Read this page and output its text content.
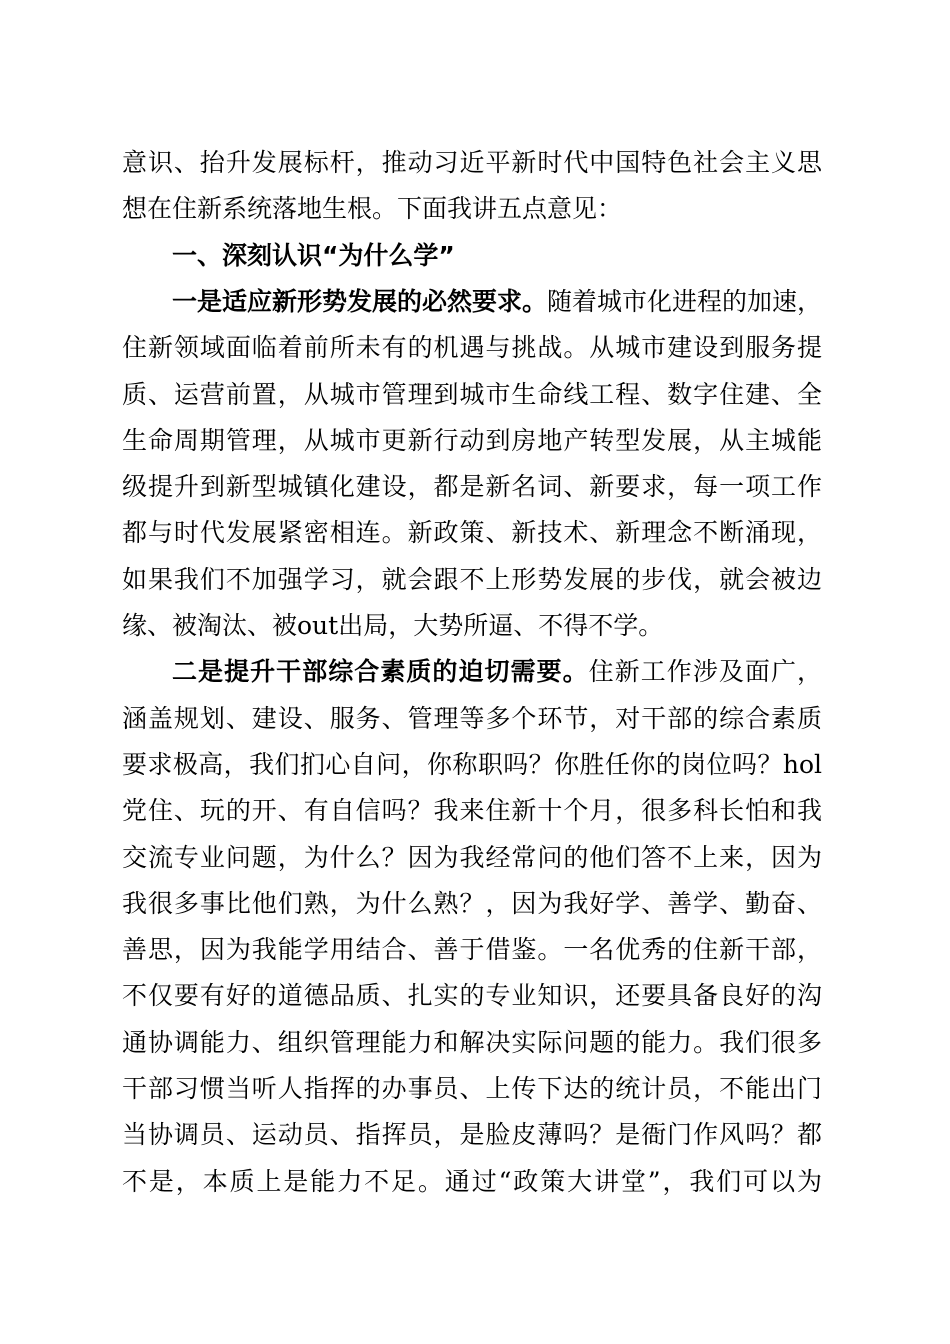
意识、抬升发展标杆，推动习近平新时代中国特色社会主义思
想在住新系统落地生根。下面我讲五点意见：
一、深刻认识“为什么学”
一是适应新形势发展的必然要求。随着城市化进程的加速，
住新领域面临着前所未有的机遇与挑战。从城市建设到服务提
质、运营前置，从城市管理到城市生命线工程、数字住建、全
生命周期管理，从城市更新行动到房地产转型发展，从主城能
级提升到新型城镇化建设，都是新名词、新要求，每一项工作
都与时代发展紧密相连。新政策、新技术、新理念不断涌现，
如果我们不加强学习，就会跟不上形势发展的步伐，就会被边
缘、被淘汰、被out出局，大势所逼、不得不学。
二是提升干部综合素质的迫切需要。住新工作涉及面广，
涵盖规划、建设、服务、管理等多个环节，对干部的综合素质
要求极高，我们扪心自问，你称职吗？你胜任你的岗位吗？hol
党住、玩的开、有自信吗？我来住新十个月，很多科长怕和我
交流专业问题，为什么？因为我经常问的他们答不上来，因为
我很多事比他们熟，为什么熟？，因为我好学、善学、勤奋、
善思，因为我能学用结合、善于借鉴。一名优秀的住新干部，
不仅要有好的道德品质、扎实的专业知识，还要具备良好的沟
通协调能力、组织管理能力和解决实际问题的能力。我们很多
干部习惯当听人指挥的办事员、上传下达的统计员，不能出门
当协调员、运动员、指挥员，是脸皮薄吗？是衙门作风吗？都
不是，本质上是能力不足。通过“政策大讲堂”，我们可以为
